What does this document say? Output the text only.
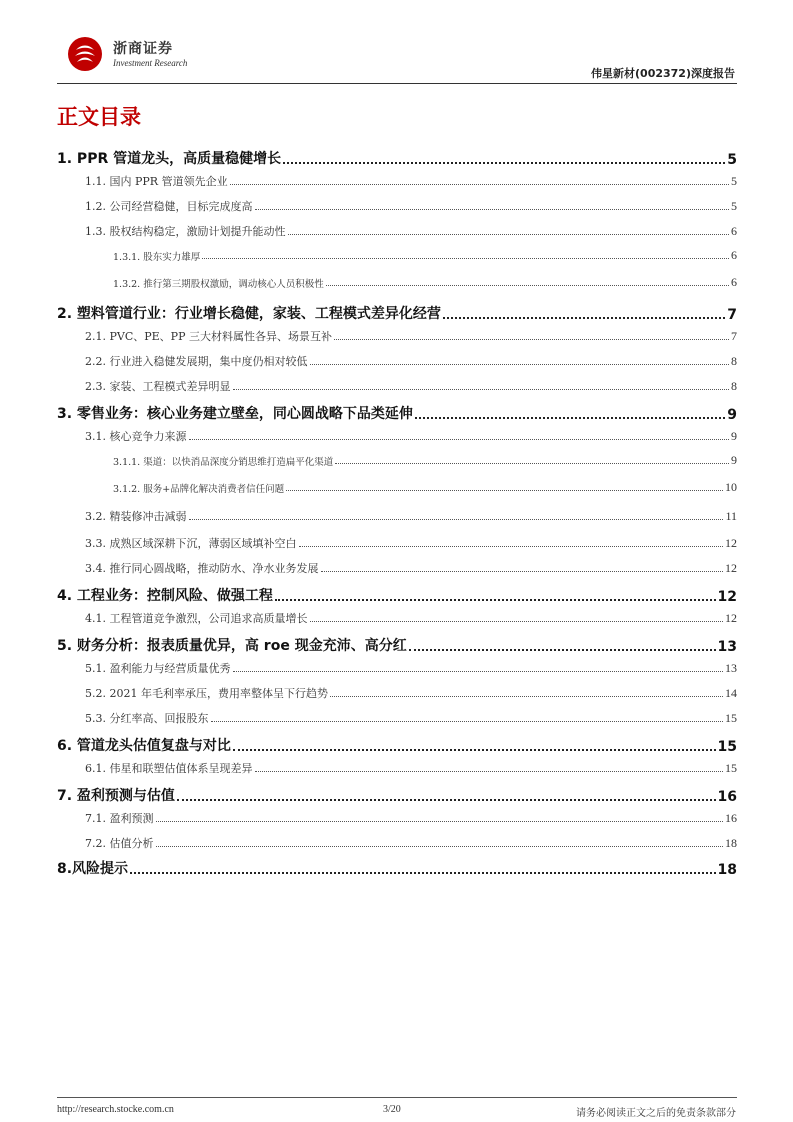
浙商证券
Investment Research
伟星新材(002372)深度报告
正文目录
1. PPR 管道龙头，高质量稳健增长	5
1.1. 国内 PPR 管道领先企业	5
1.2. 公司经营稳健，目标完成度高	5
1.3. 股权结构稳定，激励计划提升能动性	6
1.3.1. 股东实力雄厚	6
1.3.2. 推行第三期股权激励，调动核心人员积极性	6
2. 塑料管道行业：行业增长稳健，家装、工程模式差异化经营	7
2.1. PVC、PE、PP 三大材料属性各异、场景互补	7
2.2. 行业进入稳健发展期，集中度仍相对较低	8
2.3. 家装、工程模式差异明显	8
3. 零售业务：核心业务建立壁垒，同心圆战略下品类延伸	9
3.1. 核心竞争力来源	9
3.1.1. 渠道：以快消品深度分销思维打造扁平化渠道	9
3.1.2. 服务+品牌化解决消费者信任问题	10
3.2. 精装修冲击减弱	11
3.3. 成熟区域深耕下沉，薄弱区域填补空白	12
3.4. 推行同心圆战略，推动防水、净水业务发展	12
4. 工程业务：控制风险、做强工程	12
4.1. 工程管道竞争激烈，公司追求高质量增长	12
5. 财务分析：报表质量优异，高 roe 现金充沛、高分红	13
5.1. 盈利能力与经营质量优秀	13
5.2. 2021 年毛利率承压，费用率整体呈下行趋势	14
5.3. 分红率高、回报股东	15
6. 管道龙头估值复盘与对比	15
6.1. 伟星和联塑估值体系呈现差异	15
7. 盈利预测与估值	16
7.1. 盈利预测	16
7.2. 估值分析	18
8.风险提示	18
http://research.stocke.com.cn	3/20	请务必阅读正文之后的免责条款部分
